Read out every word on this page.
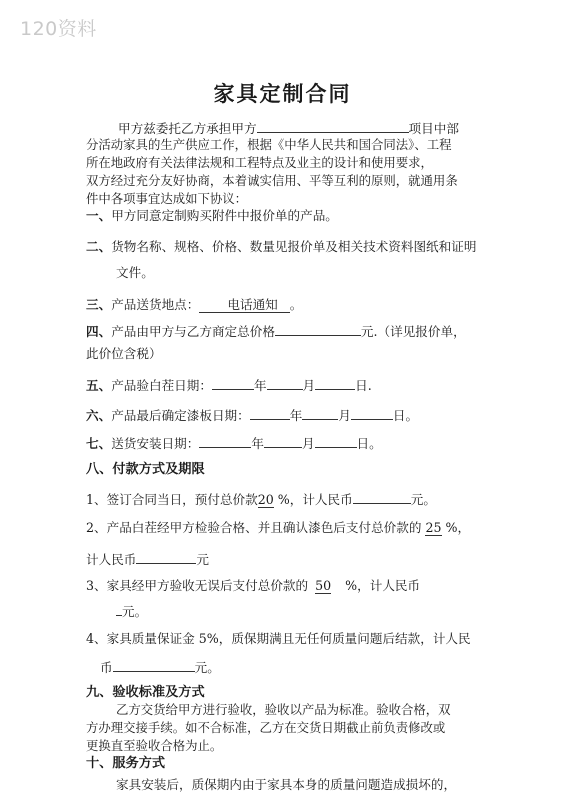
120资料
家具定制合同
甲方兹委托乙方承担甲方	项目中部
分活动家具的生产供应工作，根据《中华人民共和国合同法》、工程
所在地政府有关法律法规和工程特点及业主的设计和使用要求，
双方经过充分友好协商，本着诚实信用、平等互利的原则，就通用条
件中各项事宜达成如下协议：
一、甲方同意定制购买附件中报价单的产品。
二、货物名称、规格、价格、数量见报价单及相关技术资料图纸和证明
文件。
三、产品送货地点： 电话通知 。
四、产品由甲方与乙方商定总价格	元.（详见报价单，
此价位含税）
五、产品验白茬日期：	年	月	日.
六、产品最后确定漆板日期：	年	月	日。
七、送货安装日期：	年	月	日。
八、付款方式及期限
1、签订合同当日，预付总价款20 %，计人民币	元。
2、产品白茬经甲方检验合格、并且确认漆色后支付总价款的 25 %，
计人民币	元
3、家具经甲方验收无误后支付总价款的 50 %，计人民币
元。
4、家具质量保证金 5%，质保期满且无任何质量问题后结款，计人民
币	元。
九、验收标准及方式
乙方交货给甲方进行验收，验收以产品为标准。验收合格，双
方办理交接手续。如不合标准，乙方在交货日期截止前负责修改或
更换直至验收合格为止。
十、服务方式
家具安装后，质保期内由于家具本身的质量问题造成损坏的，
